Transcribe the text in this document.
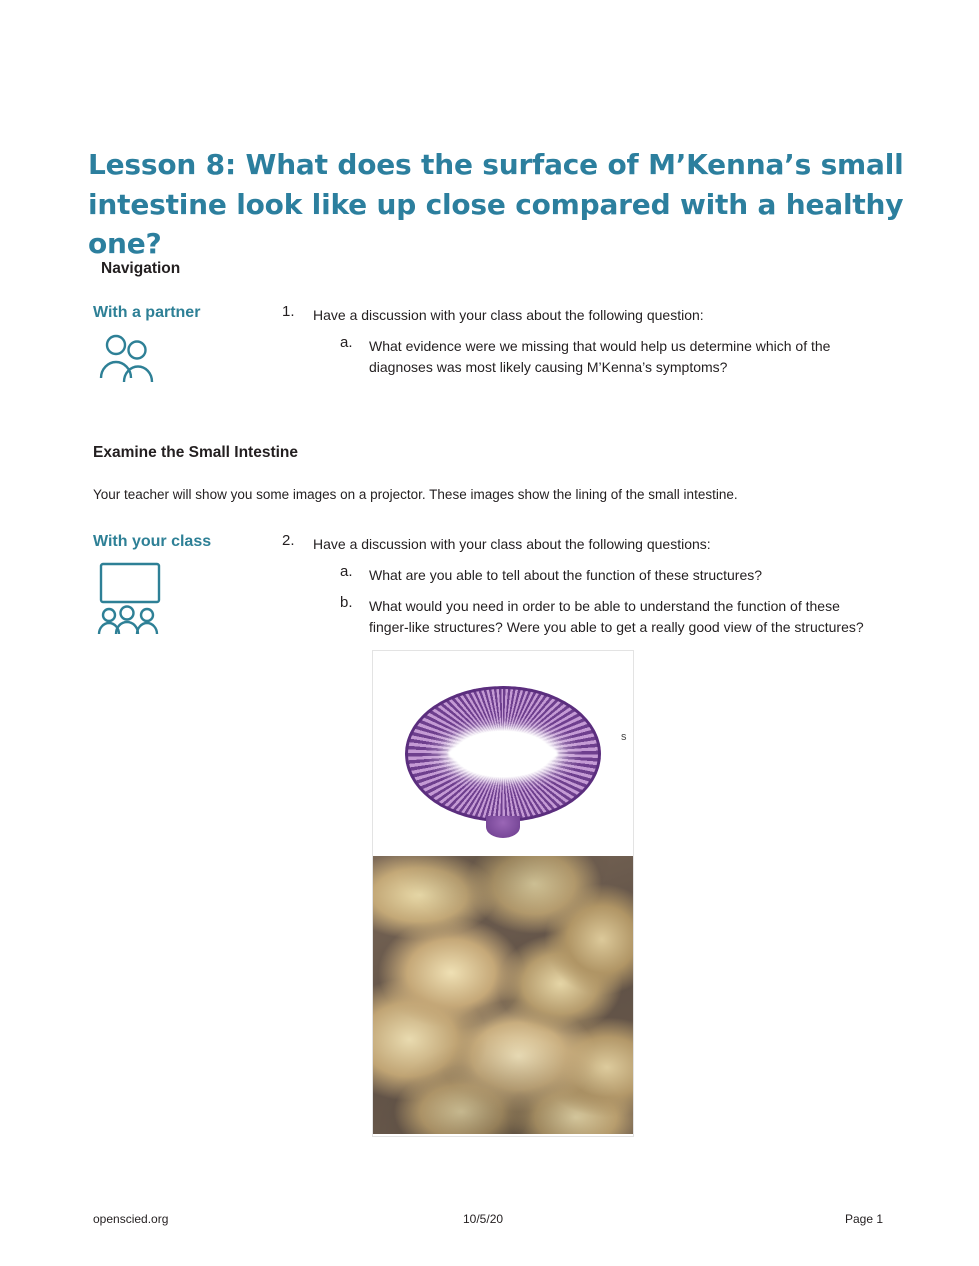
Lesson 8: What does the surface of M’Kenna’s small intestine look like up close compared with a healthy one?
Navigation
With a partner	1. Have a discussion with your class about the following question:
a. What evidence were we missing that would help us determine which of the diagnoses was most likely causing M’Kenna’s symptoms?
Examine the Small Intestine
Your teacher will show you some images on a projector. These images show the lining of the small intestine.
With your class	2. Have a discussion with your class about the following questions:
a. What are you able to tell about the function of these structures?
b. What would you need in order to be able to understand the function of these finger-like structures? Were you able to get a really good view of the structures?
s
openscied.org	10/5/20	Page 1
